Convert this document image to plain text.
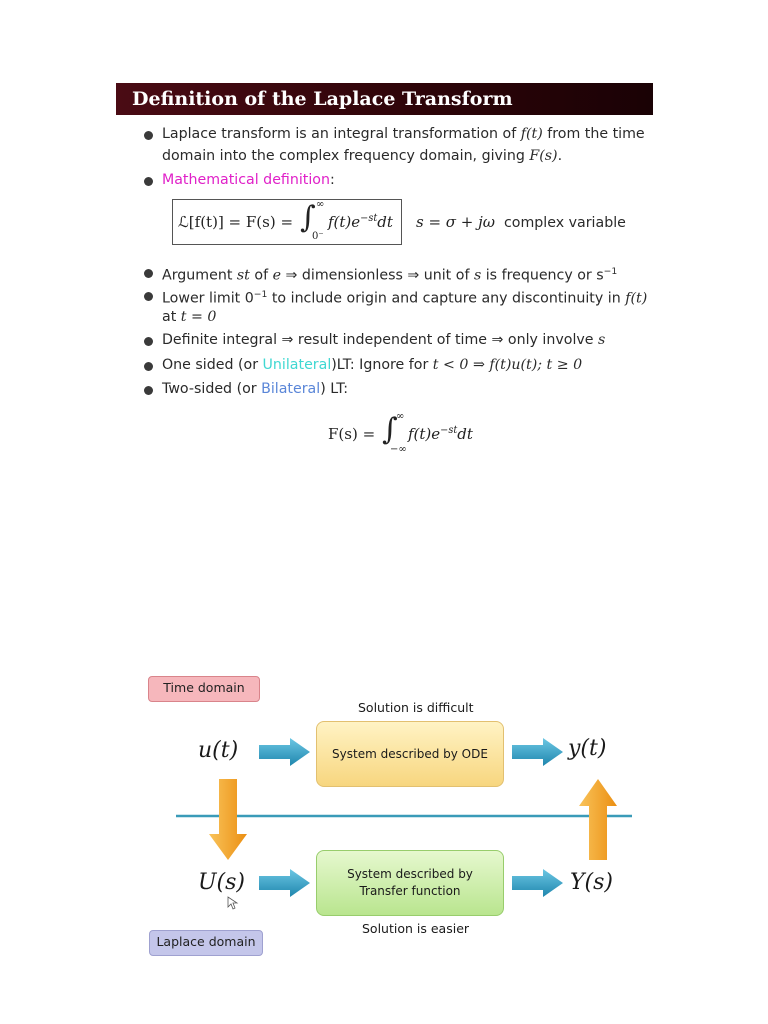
Definition of the Laplace Transform
Laplace transform is an integral transformation of f(t) from the time
domain into the complex frequency domain, giving F(s).
Mathematical definition:
ℒ[f(t)] = F(s) = ∫ ∞
0⁻
$f(t)e^{-st}dt$ s = σ + jω complex variable
Argument st of e ⇒ dimensionless ⇒ unit of s is frequency or $s^{-1}$
Lower limit $0^{-1}$ to include origin and capture any discontinuity in f(t)
at t = 0
Definite integral ⇒ result independent of time ⇒ only involve s
One sided (or Unilateral)LT: Ignore for t < 0 ⇒ f(t)u(t); t ≥ 0
Two-sided (or Bilateral) LT:
F(s) = ∫
∞
−∞
$f(t)e^{-st}dt$
Time domain
Solution is difficult
u(t)	System described by ODE	y(t)
U(s)	System described by
Transfer function	Y(s)
Solution is easier
Laplace domain
